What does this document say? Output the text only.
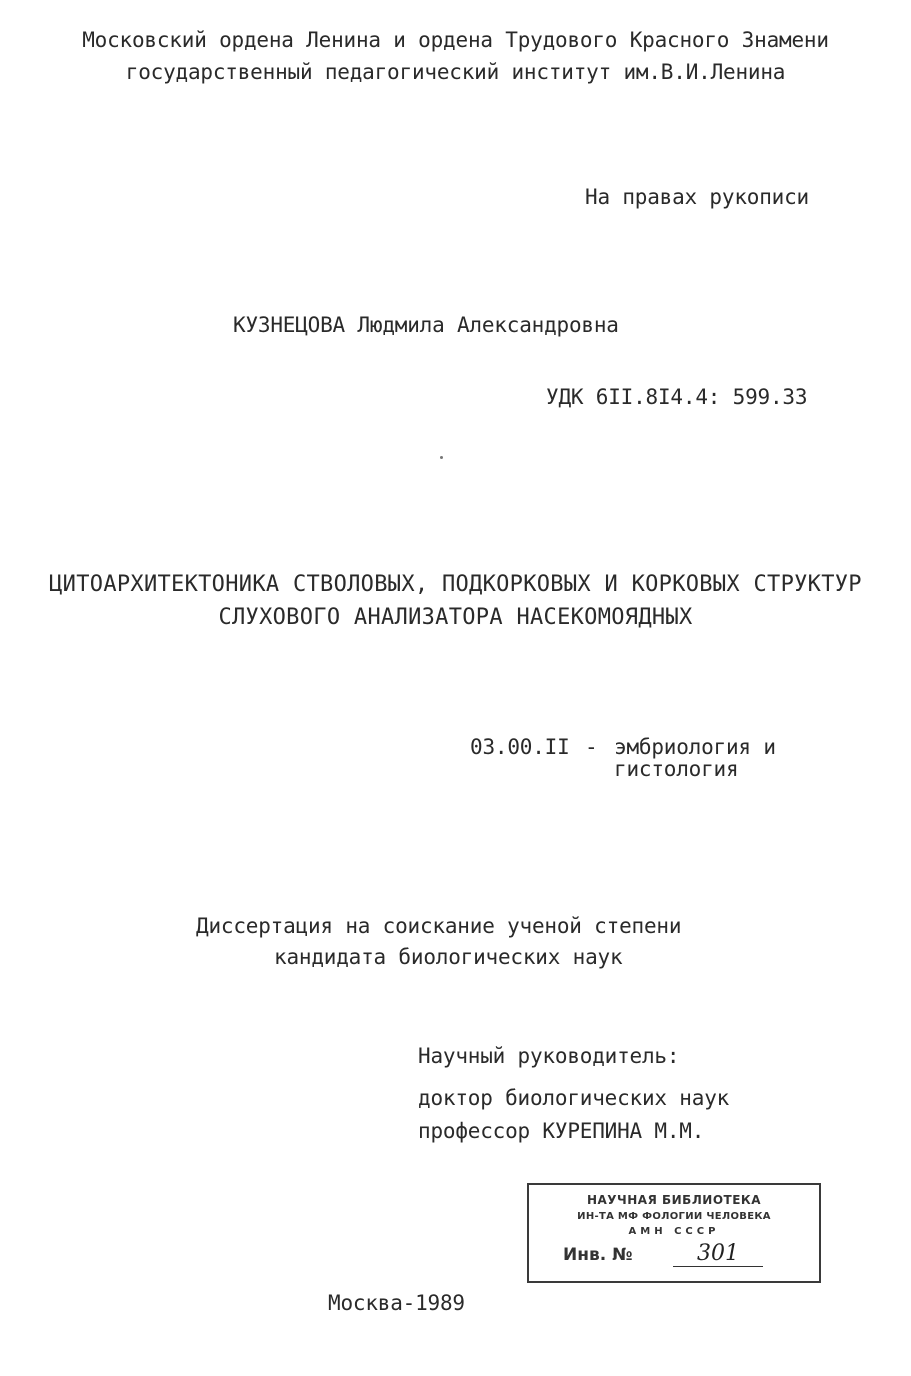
Московский ордена Ленина и ордена Трудового Красного Знамени
государственный педагогический институт им.В.И.Ленина
На правах рукописи
КУЗНЕЦОВА Людмила Александровна
УДК 6II.8I4.4: 599.33
ЦИТОАРХИТЕКТОНИКА СТВОЛОВЫХ, ПОДКОРКОВЫХ И КОРКОВЫХ СТРУКТУР
СЛУХОВОГО АНАЛИЗАТОРА НАСЕКОМОЯДНЫХ
03.00.II - эмбриология и
гистология
Диссертация на соискание ученой степени
кандидата биологических наук
Научный руководитель:
доктор биологических наук
профессор КУРЕПИНА М.М.
НАУЧНАЯ БИБЛИОТЕКА
ИН-ТА МФ ФОЛОГИИ ЧЕЛОВЕКА
АМН СССР
Инв. №	301
Москва-1989
